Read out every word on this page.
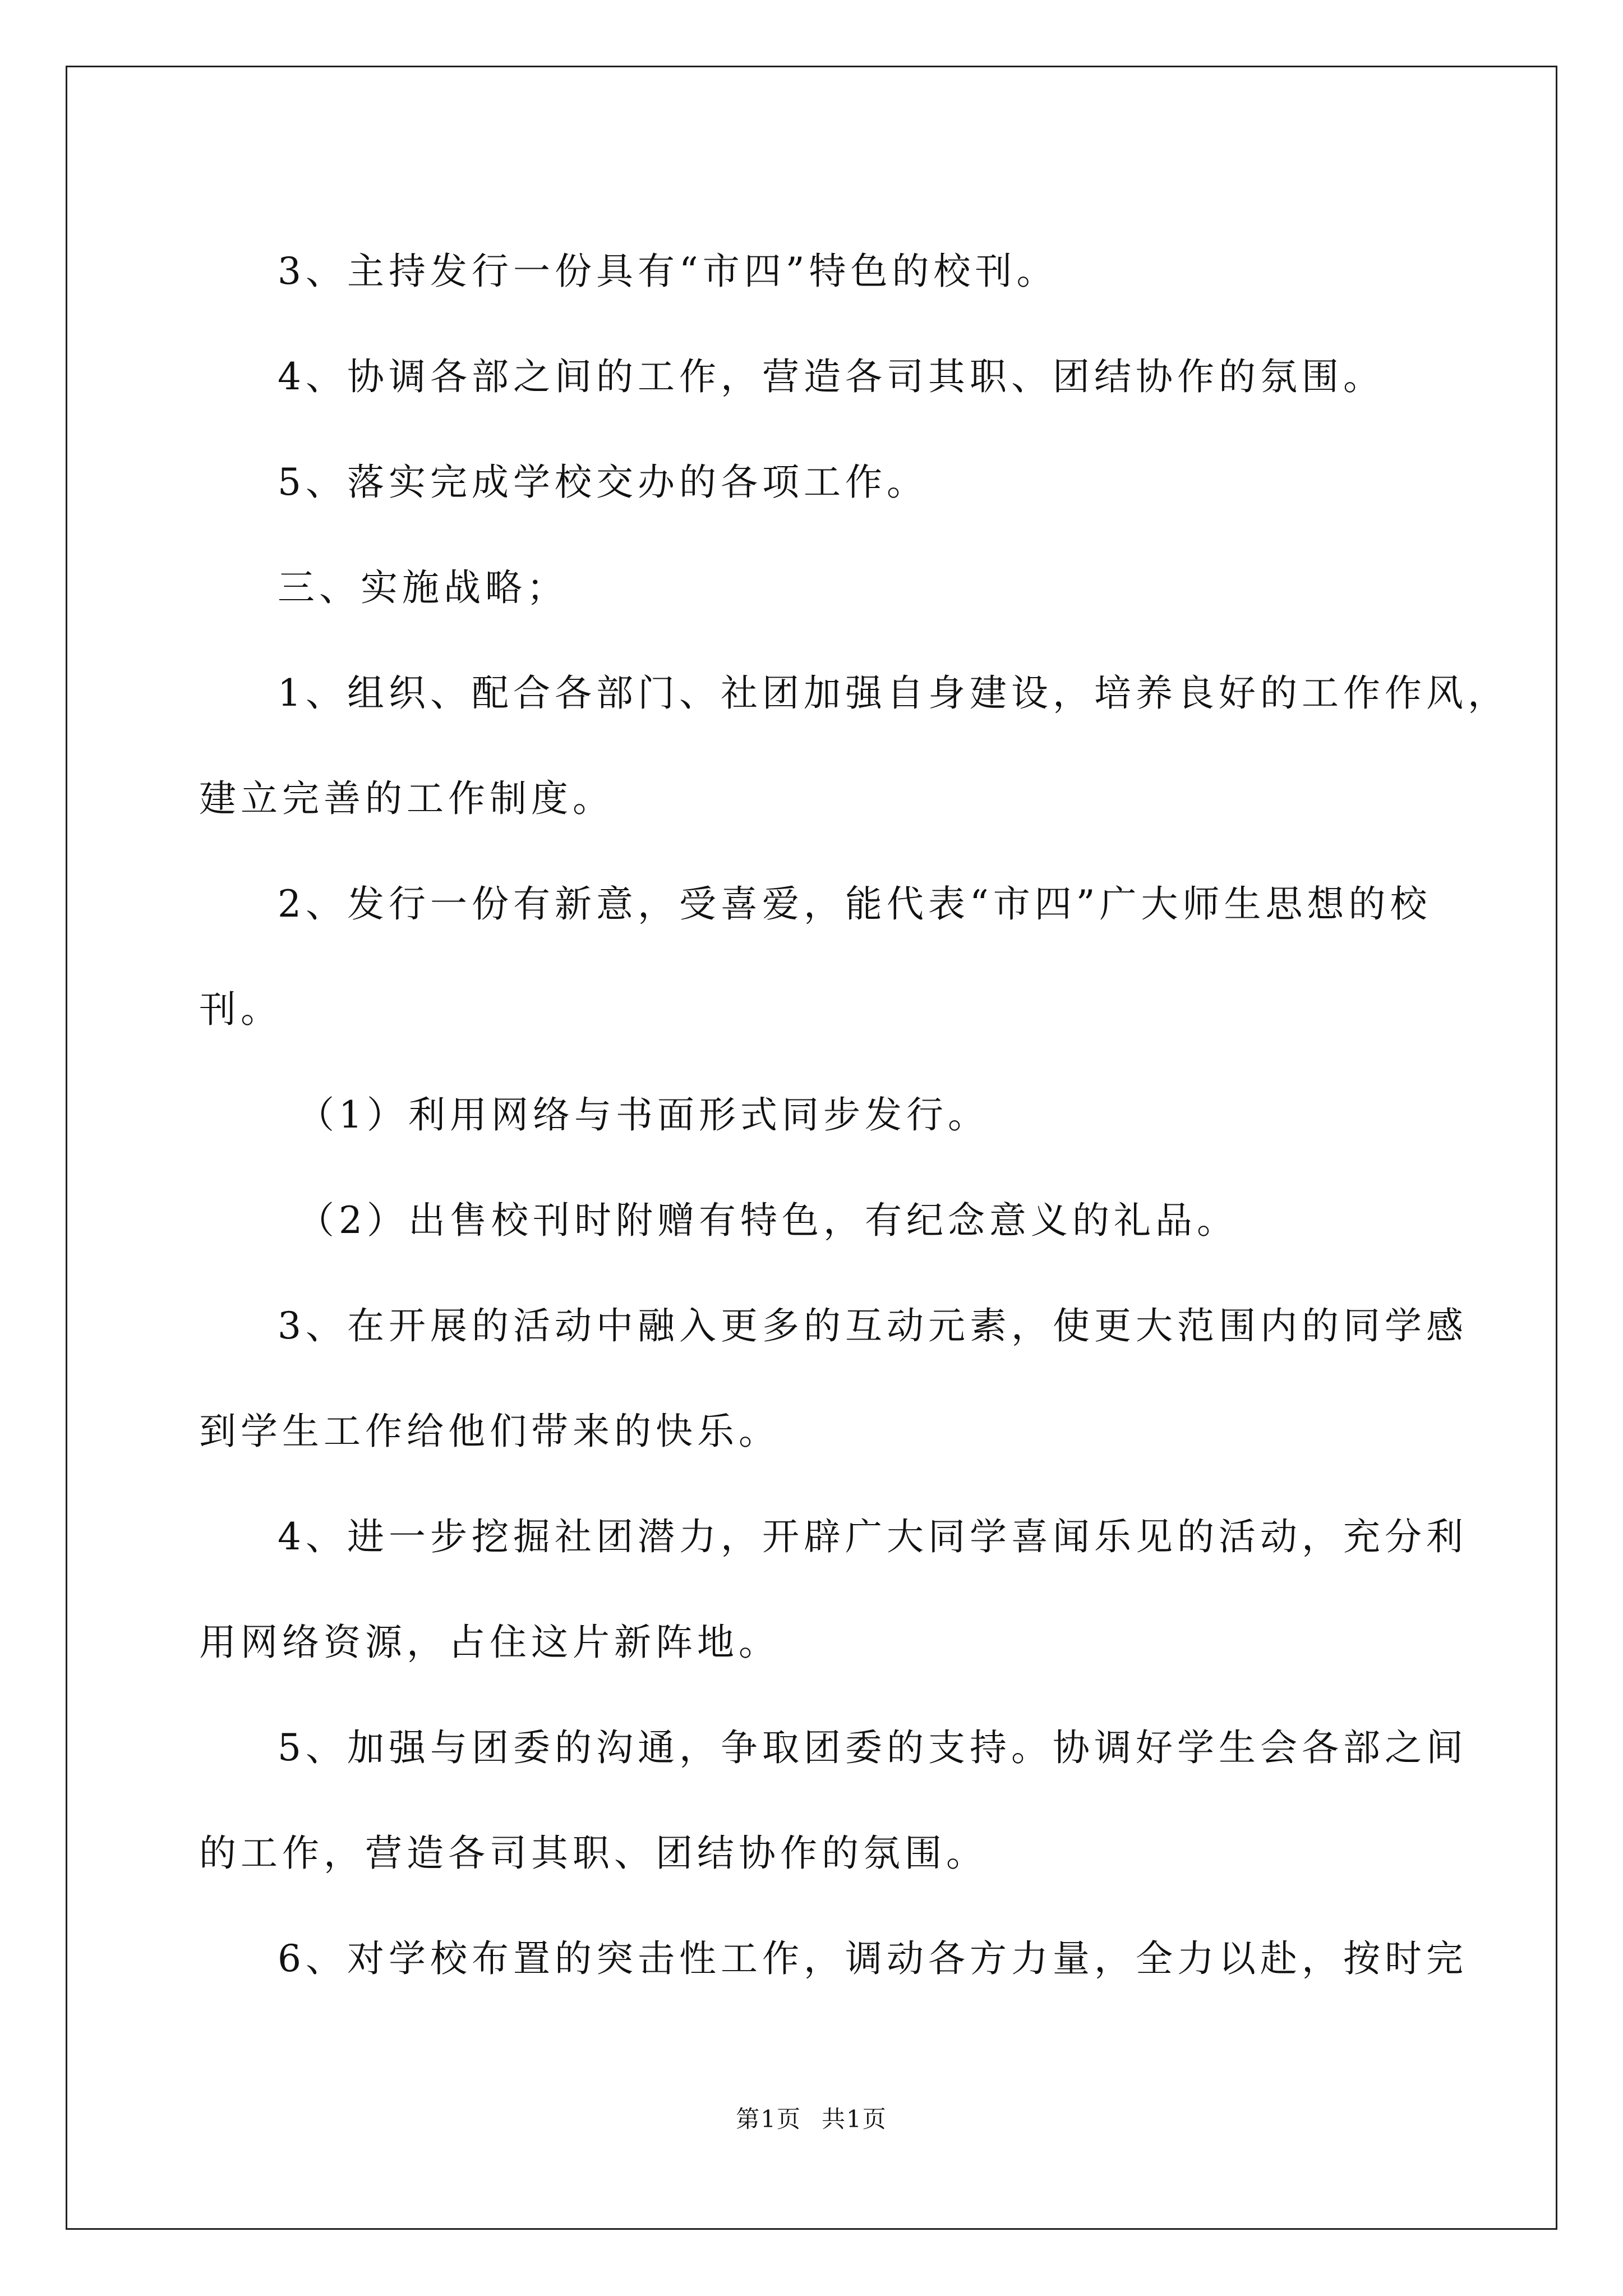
3、主持发行一份具有“市四”特色的校刊。

4、协调各部之间的工作，营造各司其职、团结协作的氛围。

5、落实完成学校交办的各项工作。

三、实施战略；

1、组织、配合各部门、社团加强自身建设，培养良好的工作作风，

建立完善的工作制度。

2、发行一份有新意，受喜爱，能代表“市四”广大师生思想的校

刊。

（1）利用网络与书面形式同步发行。

（2）出售校刊时附赠有特色，有纪念意义的礼品。

3、在开展的活动中融入更多的互动元素，使更大范围内的同学感

到学生工作给他们带来的快乐。

4、进一步挖掘社团潜力，开辟广大同学喜闻乐见的活动，充分利

用网络资源，占住这片新阵地。

5、加强与团委的沟通，争取团委的支持。协调好学生会各部之间

的工作，营造各司其职、团结协作的氛围。

6、对学校布置的突击性工作，调动各方力量，全力以赴，按时完

第1页 共1页
